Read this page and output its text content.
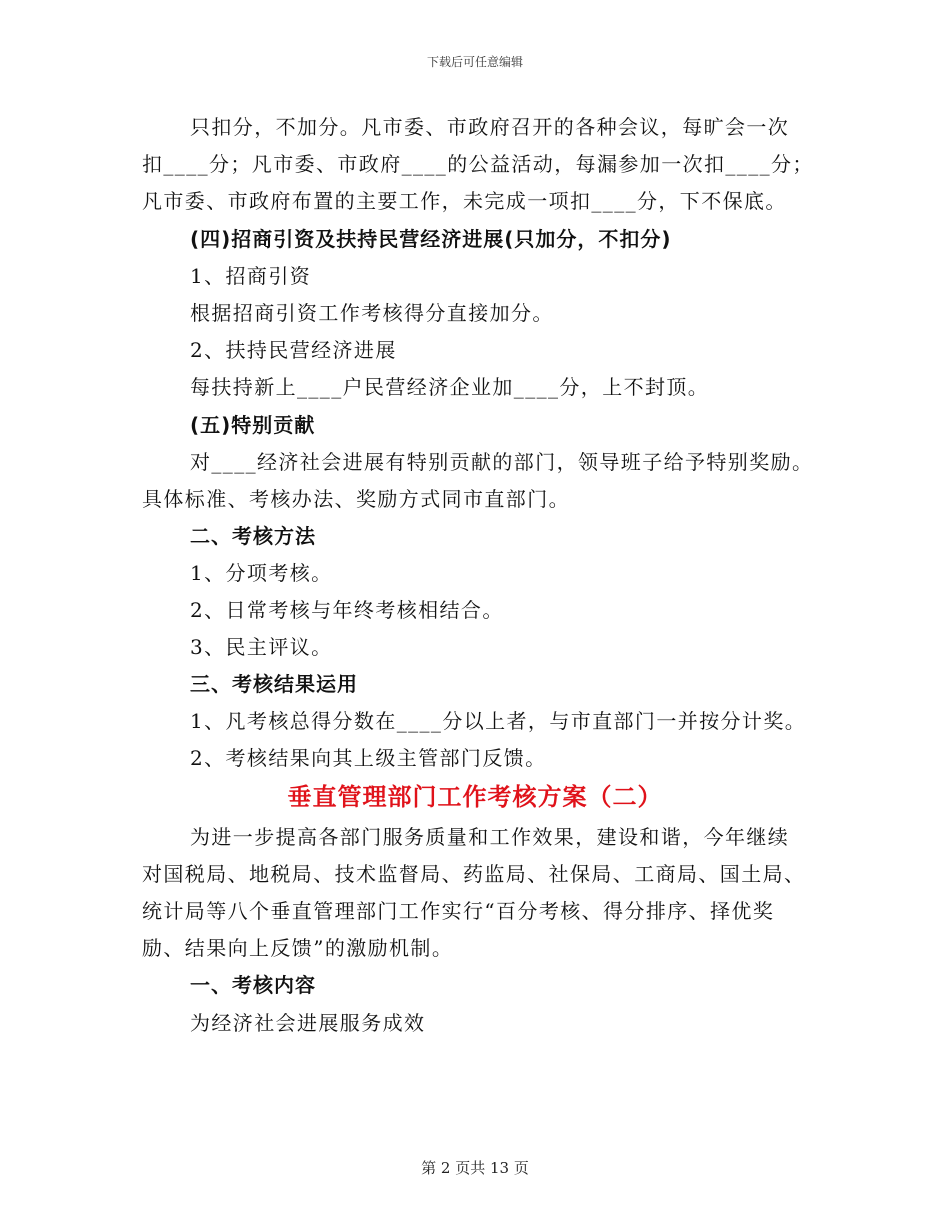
下载后可任意编辑
只扣分，不加分。凡市委、市政府召开的各种会议，每旷会一次
扣____分；凡市委、市政府____的公益活动，每漏参加一次扣____分；
凡市委、市政府布置的主要工作，未完成一项扣____分，下不保底。
(四)招商引资及扶持民营经济进展(只加分，不扣分)
1、招商引资
根据招商引资工作考核得分直接加分。
2、扶持民营经济进展
每扶持新上____户民营经济企业加____分，上不封顶。
(五)特别贡献
对____经济社会进展有特别贡献的部门，领导班子给予特别奖励。
具体标准、考核办法、奖励方式同市直部门。
二、考核方法
1、分项考核。
2、日常考核与年终考核相结合。
3、民主评议。
三、考核结果运用
1、凡考核总得分数在____分以上者，与市直部门一并按分计奖。
2、考核结果向其上级主管部门反馈。
垂直管理部门工作考核方案（二）
为进一步提高各部门服务质量和工作效果，建设和谐，今年继续
对国税局、地税局、技术监督局、药监局、社保局、工商局、国土局、
统计局等八个垂直管理部门工作实行“百分考核、得分排序、择优奖
励、结果向上反馈”的激励机制。
一、考核内容
为经济社会进展服务成效
第 2 页共 13 页
